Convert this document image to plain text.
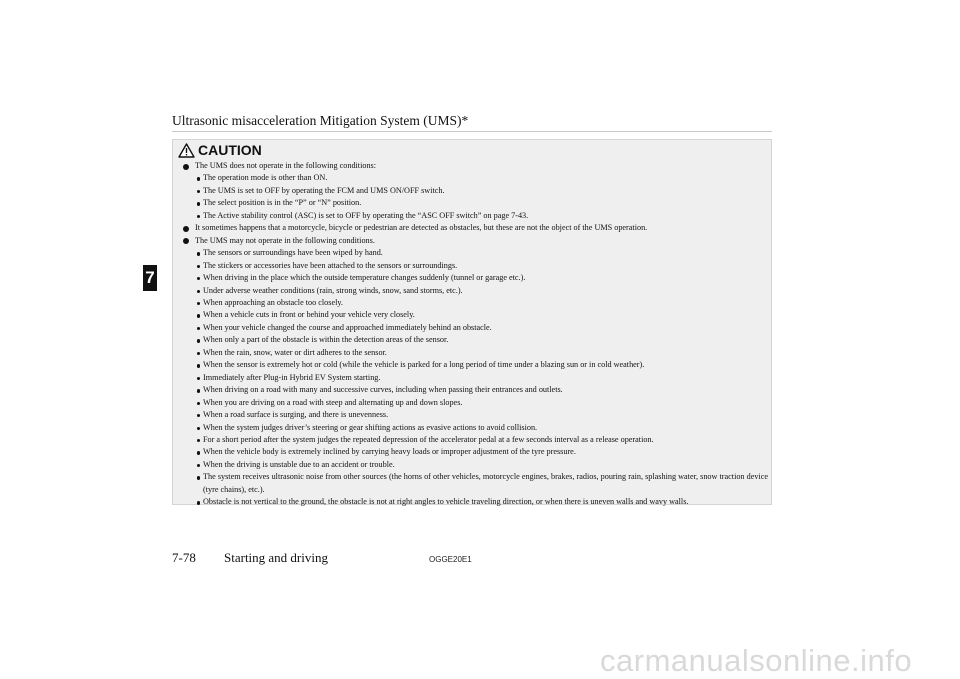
Ultrasonic misacceleration Mitigation System (UMS)*
7
CAUTION
The UMS does not operate in the following conditions:
The operation mode is other than ON.
The UMS is set to OFF by operating the FCM and UMS ON/OFF switch.
The select position is in the “P” or “N” position.
The Active stability control (ASC) is set to OFF by operating the “ASC OFF switch” on page 7-43.
It sometimes happens that a motorcycle, bicycle or pedestrian are detected as obstacles, but these are not the object of the UMS operation.
The UMS may not operate in the following conditions.
The sensors or surroundings have been wiped by hand.
The stickers or accessories have been attached to the sensors or surroundings.
When driving in the place which the outside temperature changes suddenly (tunnel or garage etc.).
Under adverse weather conditions (rain, strong winds, snow, sand storms, etc.).
When approaching an obstacle too closely.
When a vehicle cuts in front or behind your vehicle very closely.
When your vehicle changed the course and approached immediately behind an obstacle.
When only a part of the obstacle is within the detection areas of the sensor.
When the rain, snow, water or dirt adheres to the sensor.
When the sensor is extremely hot or cold (while the vehicle is parked for a long period of time under a blazing sun or in cold weather).
Immediately after Plug-in Hybrid EV System starting.
When driving on a road with many and successive curves, including when passing their entrances and outlets.
When you are driving on a road with steep and alternating up and down slopes.
When a road surface is surging, and there is unevenness.
When the system judges driver’s steering or gear shifting actions as evasive actions to avoid collision.
For a short period after the system judges the repeated depression of the accelerator pedal at a few seconds interval as a release operation.
When the vehicle body is extremely inclined by carrying heavy loads or improper adjustment of the tyre pressure.
When the driving is unstable due to an accident or trouble.
The system receives ultrasonic noise from other sources (the horns of other vehicles, motorcycle engines, brakes, radios, pouring rain, splashing water, snow traction device (tyre chains), etc.).
Obstacle is not vertical to the ground, the obstacle is not at right angles to vehicle traveling direction, or when there is uneven walls and wavy walls.
7-78 Starting and driving	OGGE20E1
carmanualsonline.info
